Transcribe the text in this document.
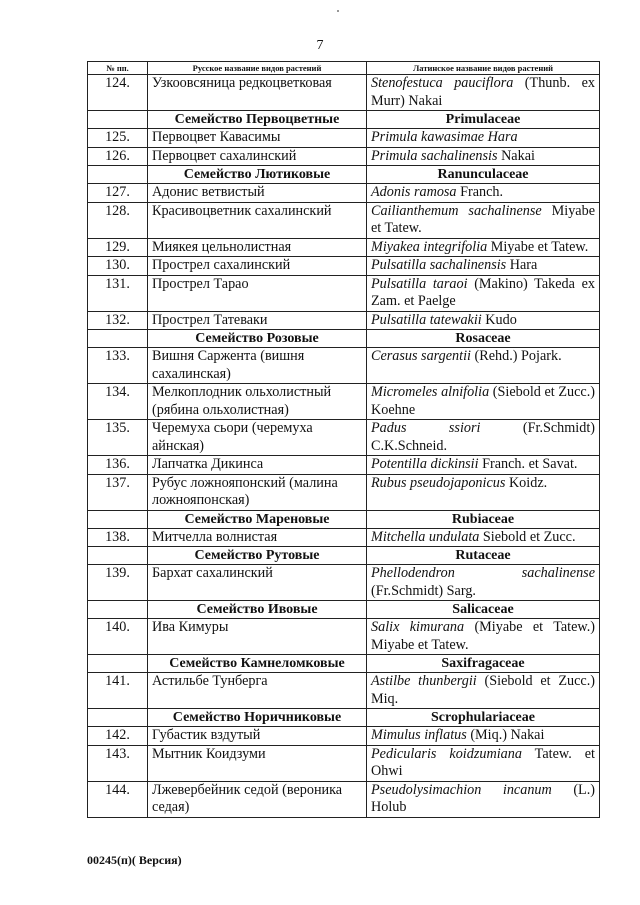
7
№ пп.	Русское название видов растений	Латинское название видов растений
124.	Узкоовсяница редкоцветковая	Stenofestuca pauciflora (Thunb. ex Murr) Nakai
	Семейство Первоцветные	Primulaceae
125.	Первоцвет Кавасимы	Primula kawasimae Hara
126.	Первоцвет сахалинский	Primula sachalinensis Nakai
	Семейство Лютиковые	Ranunculaceae
127.	Адонис ветвистый	Adonis ramosa Franch.
128.	Красивоцветник сахалинский	Cailianthemum sachalinense Miyabe et Tatew.
129.	Миякея цельнолистная	Miyakea integrifolia Miyabe et Tatew.
130.	Прострел сахалинский	Pulsatilla sachalinensis Hara
131.	Прострел Тарао	Pulsatilla taraoi (Makino) Takeda ex Zam. et Paelge
132.	Прострел Татеваки	Pulsatilla tatewakii Kudo
	Семейство Розовые	Rosaceae
133.	Вишня Саржента (вишня сахалинская)	Cerasus sargentii (Rehd.) Pojark.
134.	Мелкоплодник ольхолистный (рябина ольхолистная)	Micromeles alnifolia (Siebold et Zucc.) Koehne
135.	Черемуха сьори (черемуха айнская)	Padus ssiori (Fr.Schmidt) C.K.Schneid.
136.	Лапчатка Дикинса	Potentilla dickinsii Franch. et Savat.
137.	Рубус ложнояпонский (малина ложнояпонская)	Rubus pseudojaponicus Koidz.
	Семейство Мареновые	Rubiaceae
138.	Митчелла волнистая	Mitchella undulata Siebold et Zucc.
	Семейство Рутовые	Rutaceae
139.	Бархат сахалинский	Phellodendron sachalinense (Fr.Schmidt) Sarg.
	Семейство Ивовые	Salicaceae
140.	Ива Кимуры	Salix kimurana (Miyabe et Tatew.) Miyabe et Tatew.
	Семейство Камнеломковые	Saxifragaceae
141.	Астильбе Тунберга	Astilbe thunbergii (Siebold et Zucc.) Miq.
	Семейство Норичниковые	Scrophulariaceae
142.	Губастик вздутый	Mimulus inflatus (Miq.) Nakai
143.	Мытник Коидзуми	Pedicularis koidzumiana Tatew. et Ohwi
144.	Лжевербейник седой (вероника седая)	Pseudolysimachion incanum (L.) Holub
00245(п)( Версия)
